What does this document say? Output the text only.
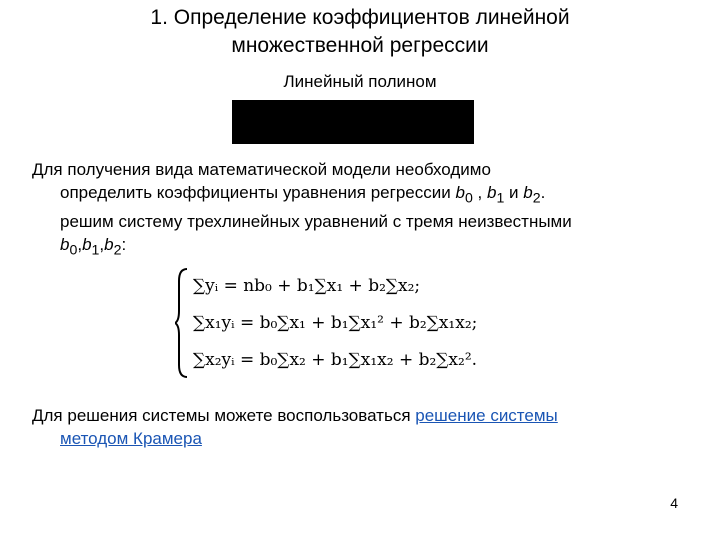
1. Определение коэффициентов линейной
множественной регрессии
Линейный полином
Для получения вида математической модели необходимо
определить коэффициенты уравнения регрессии $b_0$ , $b_1$ и $b_2$.
решим систему трехлинейных уравнений с тремя неизвестными
$b_0,b_1,b_2$:
∑yᵢ = nb₀ + b₁∑x₁ + b₂∑x₂;
∑x₁yᵢ = b₀∑x₁ + b₁∑x₁² + b₂∑x₁x₂;
∑x₂yᵢ = b₀∑x₂ + b₁∑x₁x₂ + b₂∑x₂².
Для решения системы можете воспользоваться решение системы
методом Крамера
4
